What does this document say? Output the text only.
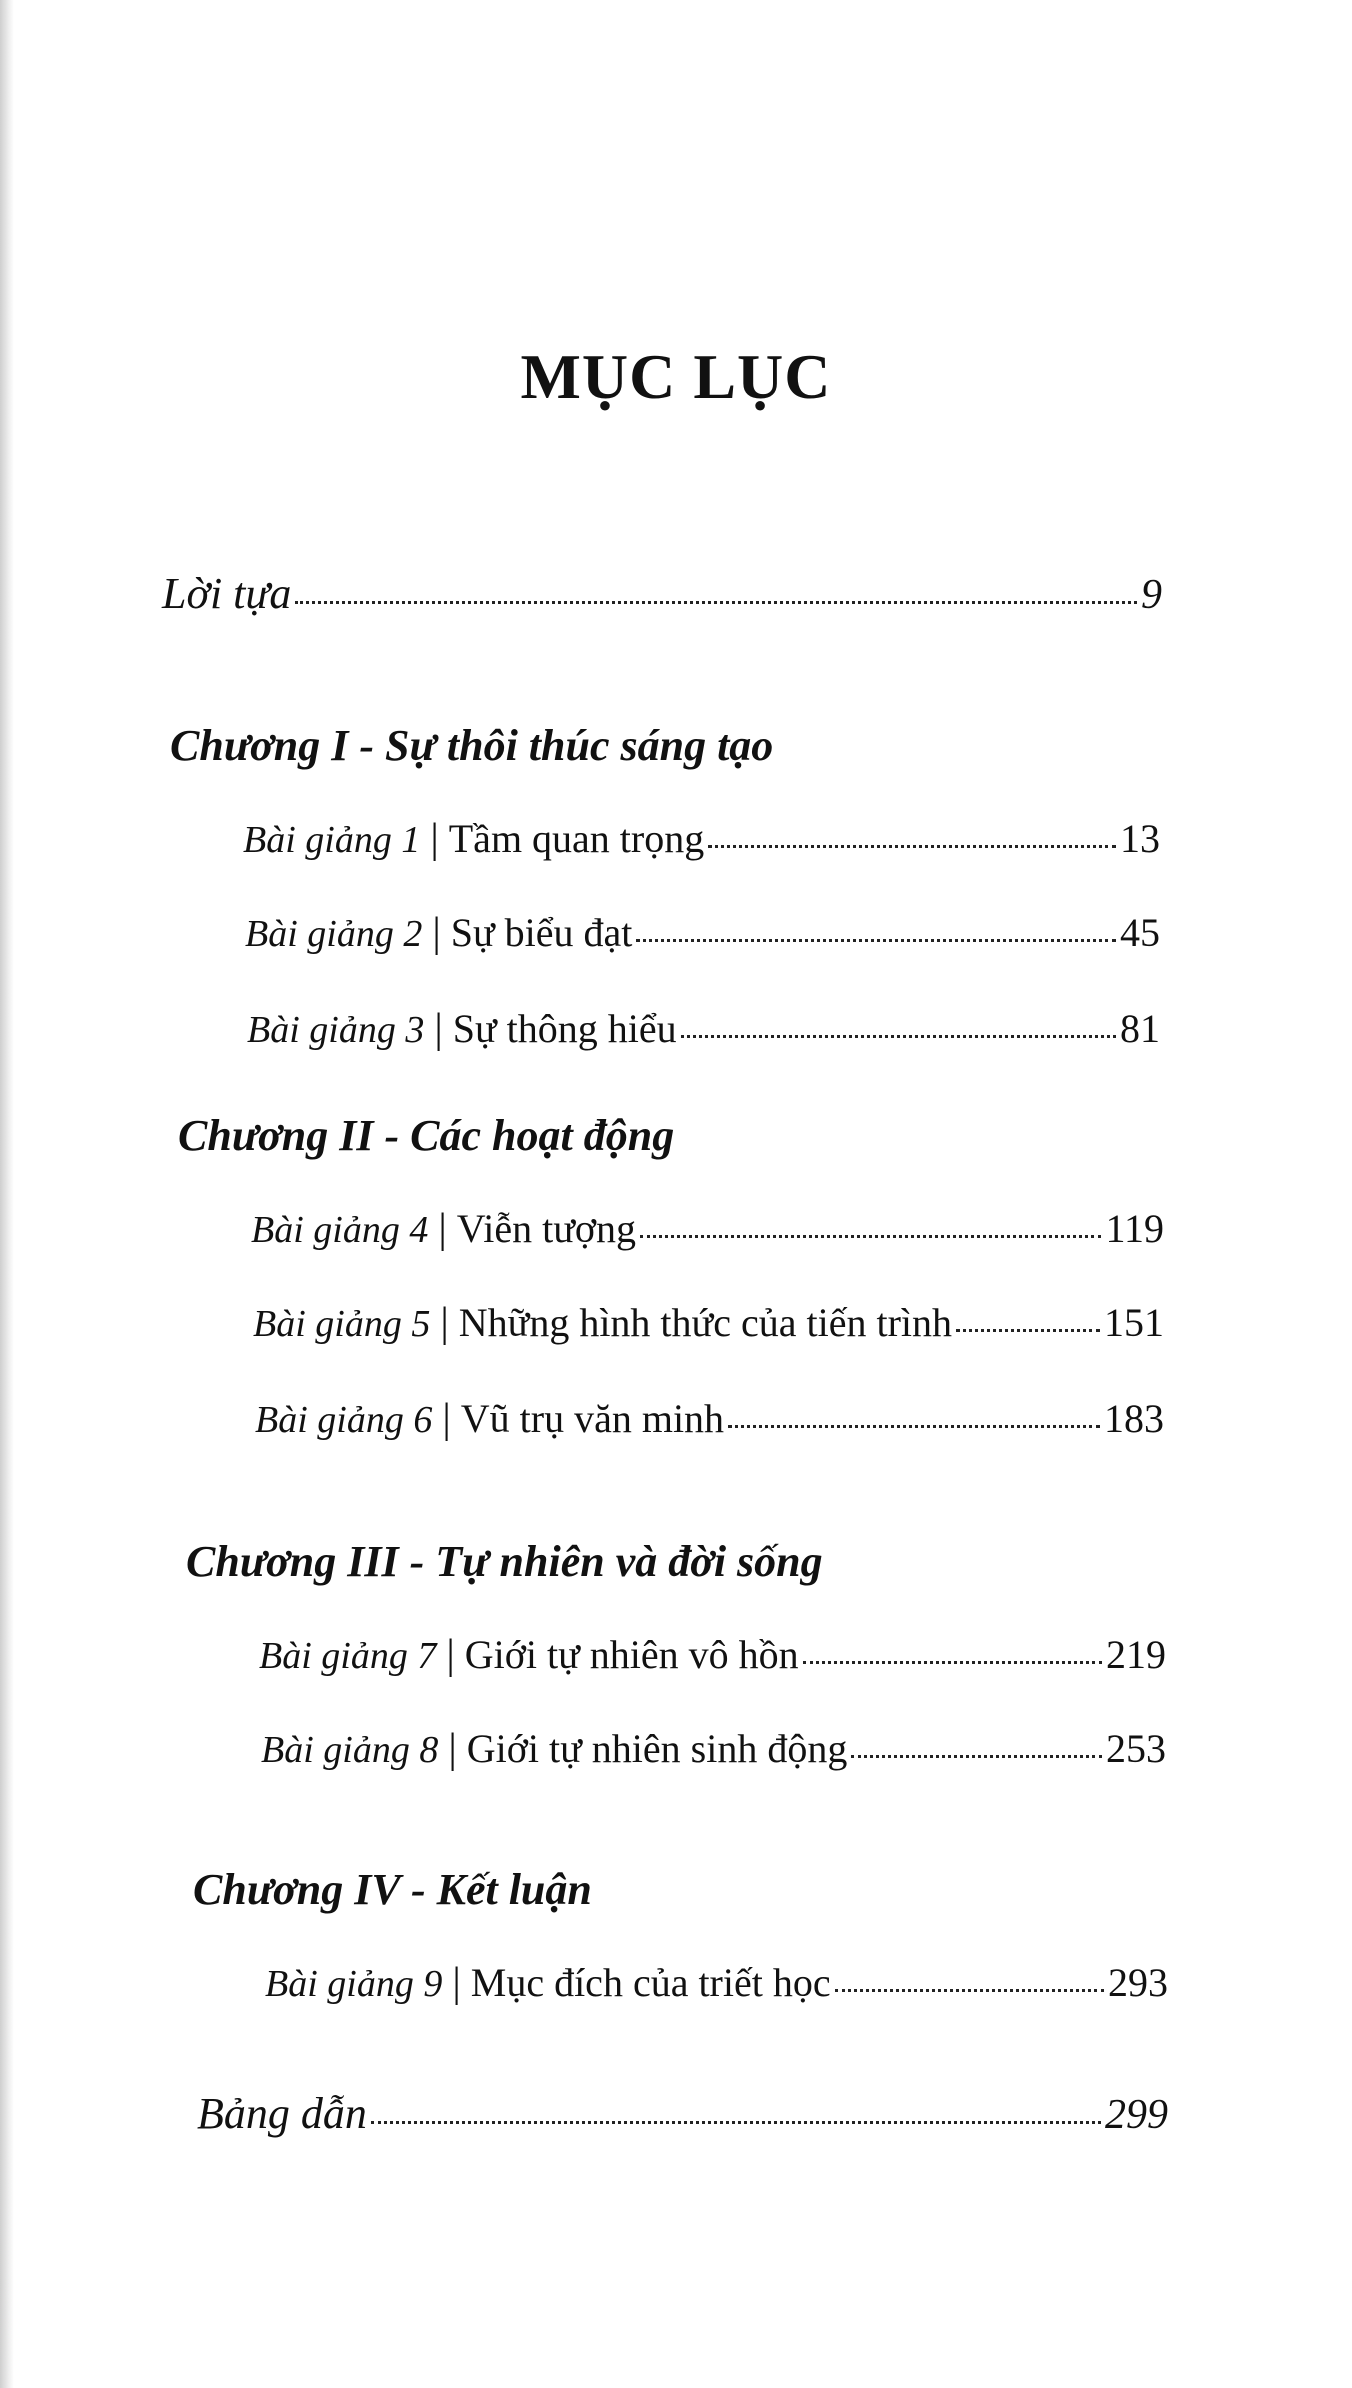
MỤC LỤC
Lời tựa	9
Chương I - Sự thôi thúc sáng tạo
Bài giảng 1 | Tầm quan trọng	13
Bài giảng 2 | Sự biểu đạt	45
Bài giảng 3 | Sự thông hiểu	81
Chương II - Các hoạt động
Bài giảng 4 | Viễn tượng	119
Bài giảng 5 | Những hình thức của tiến trình	151
Bài giảng 6 | Vũ trụ văn minh	183
Chương III - Tự nhiên và đời sống
Bài giảng 7 | Giới tự nhiên vô hồn	219
Bài giảng 8 | Giới tự nhiên sinh động	253
Chương IV - Kết luận
Bài giảng 9 | Mục đích của triết học	293
Bảng dẫn	299
